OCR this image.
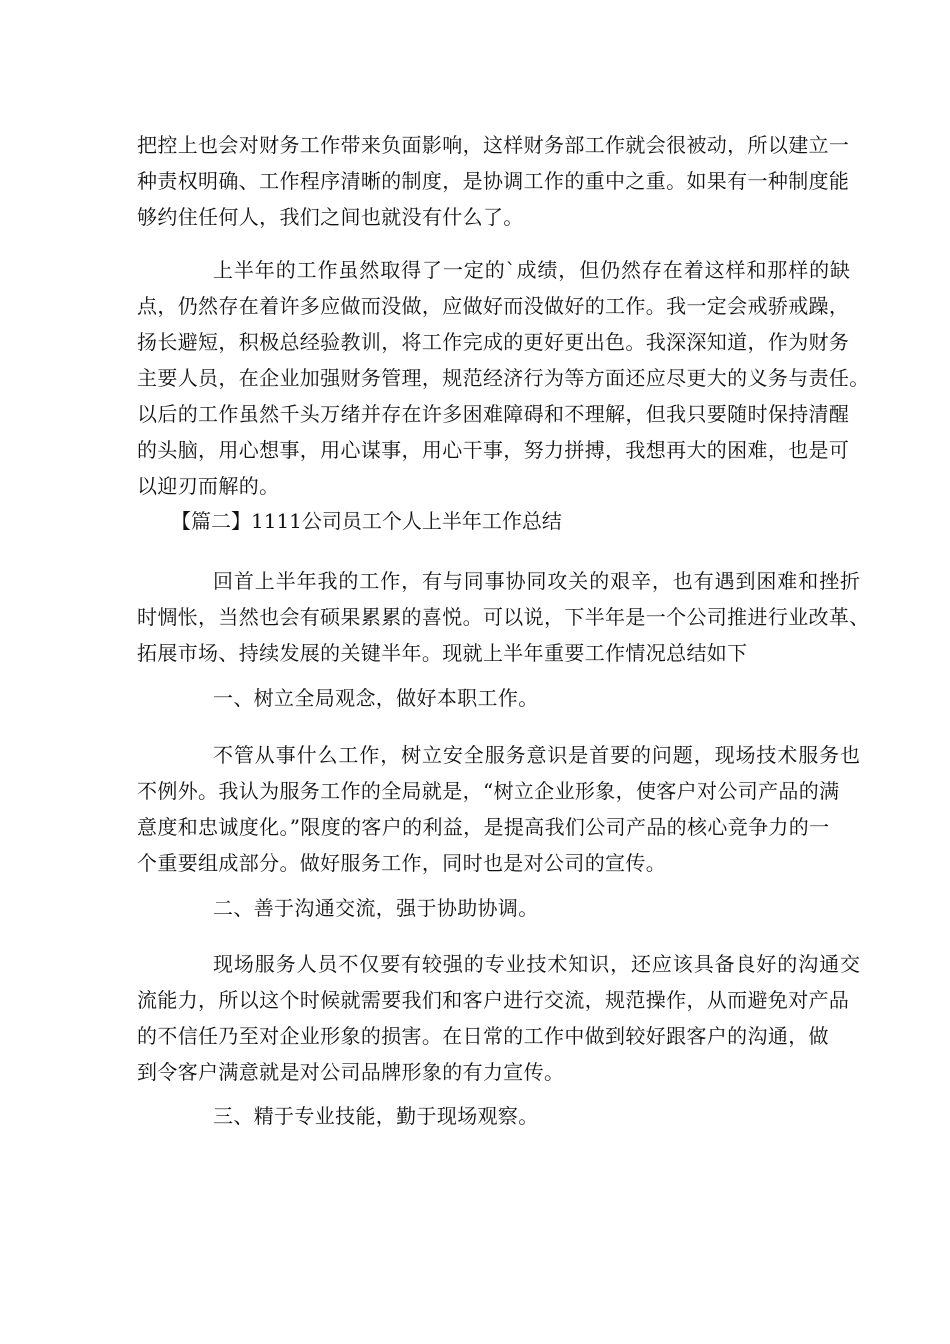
把控上也会对财务工作带来负面影响，这样财务部工作就会很被动，所以建立一
种责权明确、工作程序清晰的制度，是协调工作的重中之重。如果有一种制度能
够约住任何人，我们之间也就没有什么了。
上半年的工作虽然取得了一定的`成绩，但仍然存在着这样和那样的缺
点，仍然存在着许多应做而没做，应做好而没做好的工作。我一定会戒骄戒躁，
扬长避短，积极总经验教训，将工作完成的更好更出色。我深深知道，作为财务
主要人员，在企业加强财务管理，规范经济行为等方面还应尽更大的义务与责任。
以后的工作虽然千头万绪并存在许多困难障碍和不理解，但我只要随时保持清醒
的头脑，用心想事，用心谋事，用心干事，努力拼搏，我想再大的困难，也是可
以迎刃而解的。
【篇二】1111公司员工个人上半年工作总结
回首上半年我的工作，有与同事协同攻关的艰辛，也有遇到困难和挫折
时惆怅，当然也会有硕果累累的喜悦。可以说，下半年是一个公司推进行业改革、
拓展市场、持续发展的关键半年。现就上半年重要工作情况总结如下
一、树立全局观念，做好本职工作。
不管从事什么工作，树立安全服务意识是首要的问题，现场技术服务也
不例外。我认为服务工作的全局就是，“树立企业形象，使客户对公司产品的满
意度和忠诚度化。”限度的客户的利益，是提高我们公司产品的核心竞争力的一
个重要组成部分。做好服务工作，同时也是对公司的宣传。
二、善于沟通交流，强于协助协调。
现场服务人员不仅要有较强的专业技术知识，还应该具备良好的沟通交
流能力，所以这个时候就需要我们和客户进行交流，规范操作，从而避免对产品
的不信任乃至对企业形象的损害。在日常的工作中做到较好跟客户的沟通，做
到令客户满意就是对公司品牌形象的有力宣传。
三、精于专业技能，勤于现场观察。
